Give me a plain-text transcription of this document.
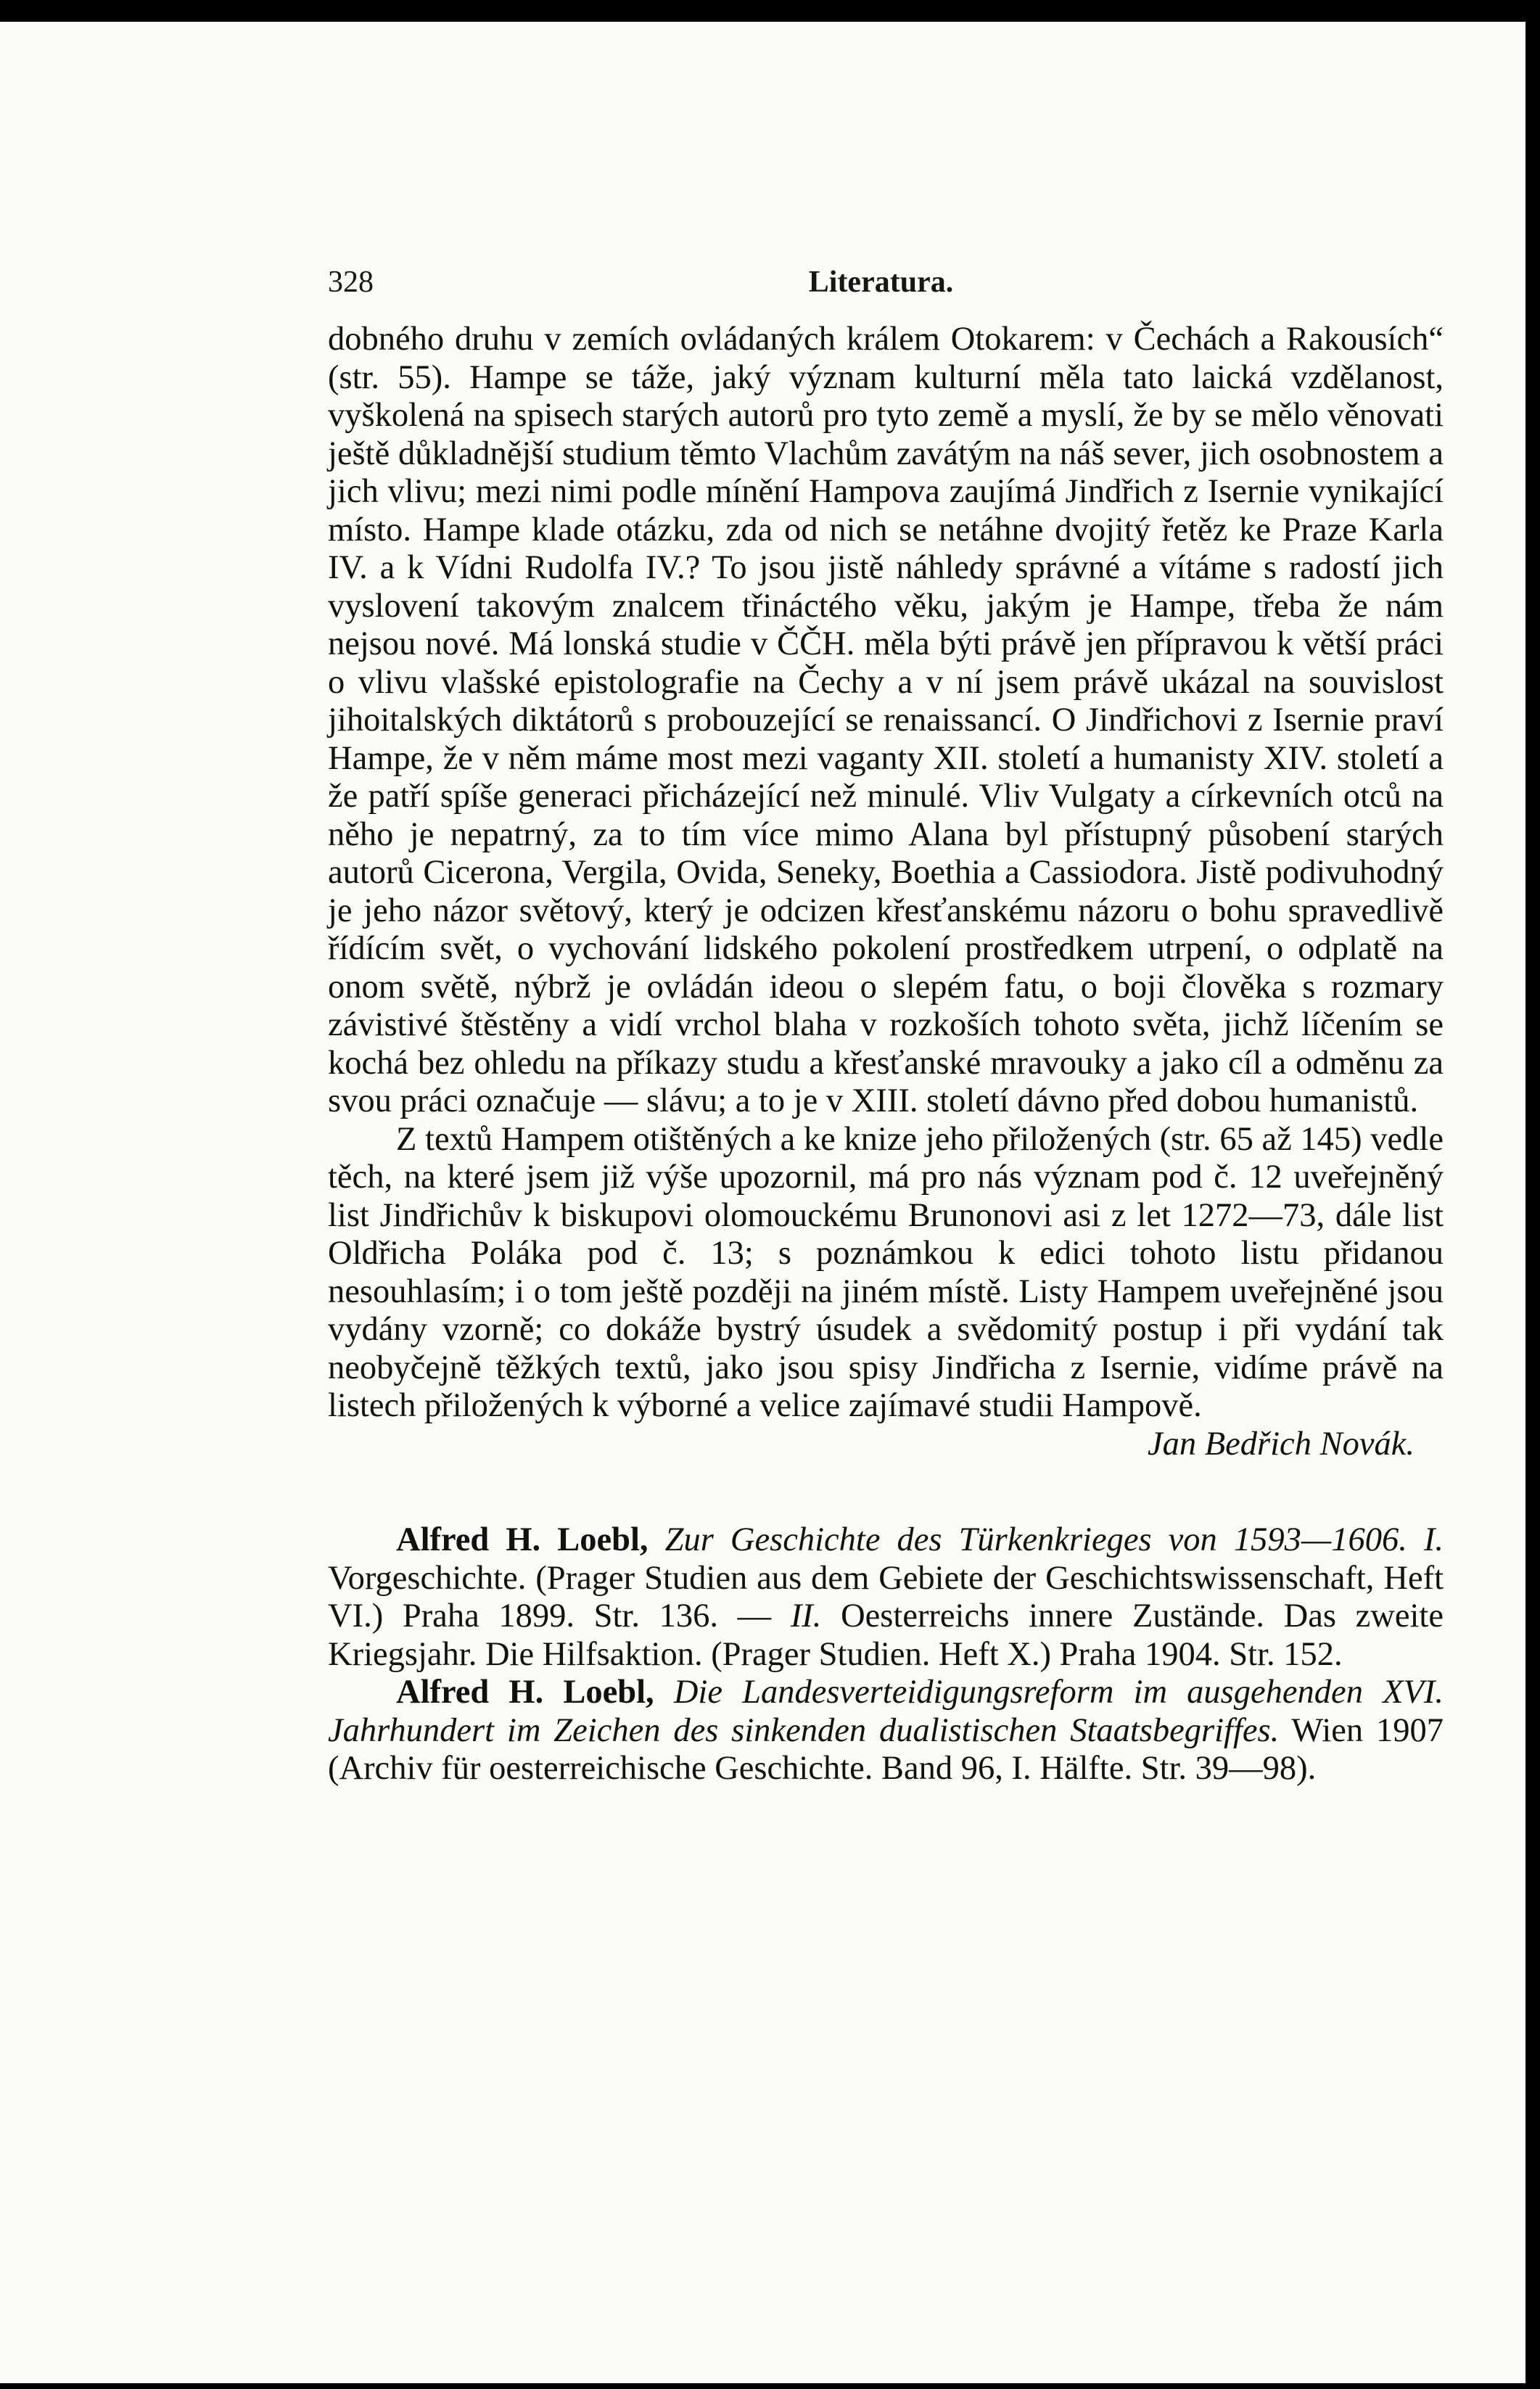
328	Literatura.

dobného druhu v zemích ovládaných králem Otokarem: v Čechách a Rakousích“ (str. 55). Hampe se táže, jaký význam kulturní měla tato laická vzdělanost, vyškolená na spisech starých autorů pro tyto země a myslí, že by se mělo věnovati ještě důkladnější studium těmto Vlachům zavátým na náš sever, jich osobnostem a jich vlivu; mezi nimi podle mínění Hampova zaujímá Jindřich z Isernie vynikající místo. Hampe klade otázku, zda od nich se netáhne dvojitý řetěz ke Praze Karla IV. a k Vídni Rudolfa IV.? To jsou jistě náhledy správné a vítáme s radostí jich vyslovení takovým znalcem třináctého věku, jakým je Hampe, třeba že nám nejsou nové. Má lonská studie v ČČH. měla býti právě jen přípravou k větší práci o vlivu vlašské epistolografie na Čechy a v ní jsem právě ukázal na souvislost jihoitalských diktátorů s probouzející se renaissancí. O Jindřichovi z Isernie praví Hampe, že v něm máme most mezi vaganty XII. století a humanisty XIV. století a že patří spíše generaci přicházející než minulé. Vliv Vulgaty a církevních otců na něho je nepatrný, za to tím více mimo Alana byl přístupný působení starých autorů Cicerona, Vergila, Ovida, Seneky, Boethia a Cassiodora. Jistě podivuhodný je jeho názor světový, který je odcizen křesťanskému názoru o bohu spravedlivě řídícím svět, o vychování lidského pokolení prostředkem utrpení, o odplatě na onom světě, nýbrž je ovládán ideou o slepém fatu, o boji člověka s rozmary závistivé štěstěny a vidí vrchol blaha v rozkoších tohoto světa, jichž líčením se kochá bez ohledu na příkazy studu a křesťanské mravouky a jako cíl a odměnu za svou práci označuje — slávu; a to je v XIII. století dávno před dobou humanistů.

Z textů Hampem otištěných a ke knize jeho přiložených (str. 65 až 145) vedle těch, na které jsem již výše upozornil, má pro nás význam pod č. 12 uveřejněný list Jindřichův k biskupovi olomouckému Brunonovi asi z let 1272—73, dále list Oldřicha Poláka pod č. 13; s poznámkou k edici tohoto listu přidanou nesouhlasím; i o tom ještě později na jiném místě. Listy Hampem uveřejněné jsou vydány vzorně; co dokáže bystrý úsudek a svědomitý postup i při vydání tak neobyčejně těžkých textů, jako jsou spisy Jindřicha z Isernie, vidíme právě na listech přiložených k výborné a velice zajímavé studii Hampově.

Jan Bedřich Novák.

Alfred H. Loebl, Zur Geschichte des Türkenkrieges von 1593—1606. I. Vorgeschichte. (Prager Studien aus dem Gebiete der Geschichtswissenschaft, Heft VI.) Praha 1899. Str. 136. — II. Oesterreichs innere Zustände. Das zweite Kriegsjahr. Die Hilfsaktion. (Prager Studien. Heft X.) Praha 1904. Str. 152.

Alfred H. Loebl, Die Landesverteidigungsreform im ausgehenden XVI. Jahrhundert im Zeichen des sinkenden dualistischen Staatsbegriffes. Wien 1907 (Archiv für oesterreichische Geschichte. Band 96, I. Hälfte. Str. 39—98).
